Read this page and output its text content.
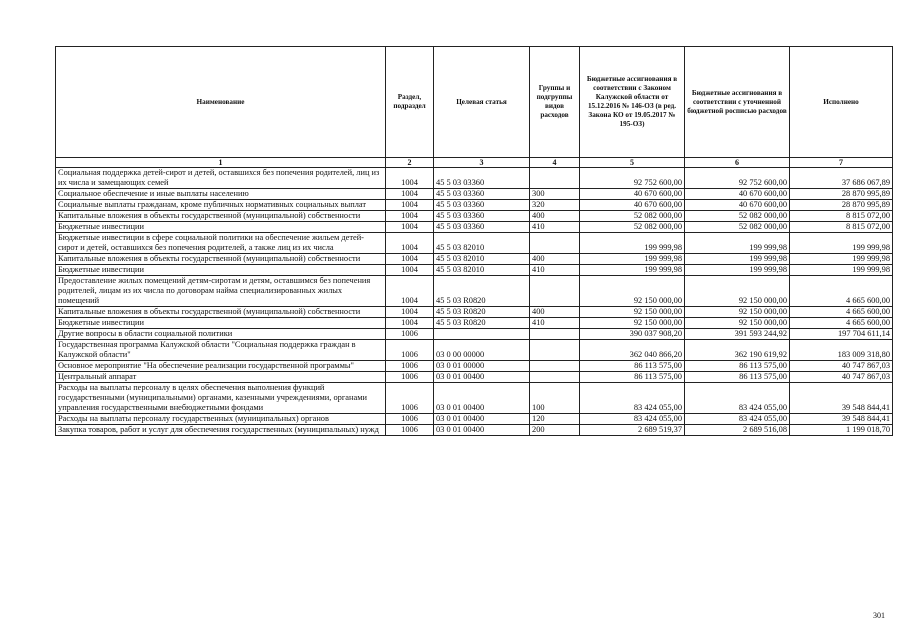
Наименование	Раздел, подраздел	Целевая статья	Группы и подгруппы видов расходов	Бюджетные ассигнования в соответствии с Законом Калужской области от 15.12.2016 № 146-ОЗ (в ред. Закона КО от 19.05.2017 № 195-ОЗ)	Бюджетные ассигнования в соответствии с уточненной бюджетной росписью расходов	Исполнено
1	2	3	4	5	6	7
Социальная поддержка детей-сирот и детей, оставшихся без попечения родителей, лиц из их числа и замещающих семей	1004	45 5 03 03360		92 752 600,00	92 752 600,00	37 686 067,89
Социальное обеспечение и иные выплаты населению	1004	45 5 03 03360	300	40 670 600,00	40 670 600,00	28 870 995,89
Социальные выплаты гражданам, кроме публичных нормативных социальных выплат	1004	45 5 03 03360	320	40 670 600,00	40 670 600,00	28 870 995,89
Капитальные вложения в объекты государственной (муниципальной) собственности	1004	45 5 03 03360	400	52 082 000,00	52 082 000,00	8 815 072,00
Бюджетные инвестиции	1004	45 5 03 03360	410	52 082 000,00	52 082 000,00	8 815 072,00
Бюджетные инвестиции в сфере социальной политики на обеспечение жильем детей-сирот и детей, оставшихся без попечения родителей, а также лиц из их числа	1004	45 5 03 82010		199 999,98	199 999,98	199 999,98
Капитальные вложения в объекты государственной (муниципальной) собственности	1004	45 5 03 82010	400	199 999,98	199 999,98	199 999,98
Бюджетные инвестиции	1004	45 5 03 82010	410	199 999,98	199 999,98	199 999,98
Предоставление жилых помещений детям-сиротам и детям, оставшимся без попечения родителей, лицам из их числа по договорам найма специализированных жилых помещений	1004	45 5 03 R0820		92 150 000,00	92 150 000,00	4 665 600,00
Капитальные вложения в объекты государственной (муниципальной) собственности	1004	45 5 03 R0820	400	92 150 000,00	92 150 000,00	4 665 600,00
Бюджетные инвестиции	1004	45 5 03 R0820	410	92 150 000,00	92 150 000,00	4 665 600,00
Другие вопросы в области социальной политики	1006			390 037 908,20	391 593 244,92	197 704 611,14
Государственная программа Калужской области "Социальная поддержка граждан в Калужской области"	1006	03 0 00 00000		362 040 866,20	362 190 619,92	183 009 318,80
Основное мероприятие "На обеспечение реализации государственной программы"	1006	03 0 01 00000		86 113 575,00	86 113 575,00	40 747 867,03
Центральный аппарат	1006	03 0 01 00400		86 113 575,00	86 113 575,00	40 747 867,03
Расходы на выплаты персоналу в целях обеспечения выполнения функций государственными (муниципальными) органами, казенными учреждениями, органами управления государственными внебюджетными фондами	1006	03 0 01 00400	100	83 424 055,00	83 424 055,00	39 548 844,41
Расходы на выплаты персоналу государственных (муниципальных) органов	1006	03 0 01 00400	120	83 424 055,00	83 424 055,00	39 548 844,41
Закупка товаров, работ и услуг для обеспечения государственных (муниципальных) нужд	1006	03 0 01 00400	200	2 689 519,37	2 689 516,08	1 199 018,70
301
